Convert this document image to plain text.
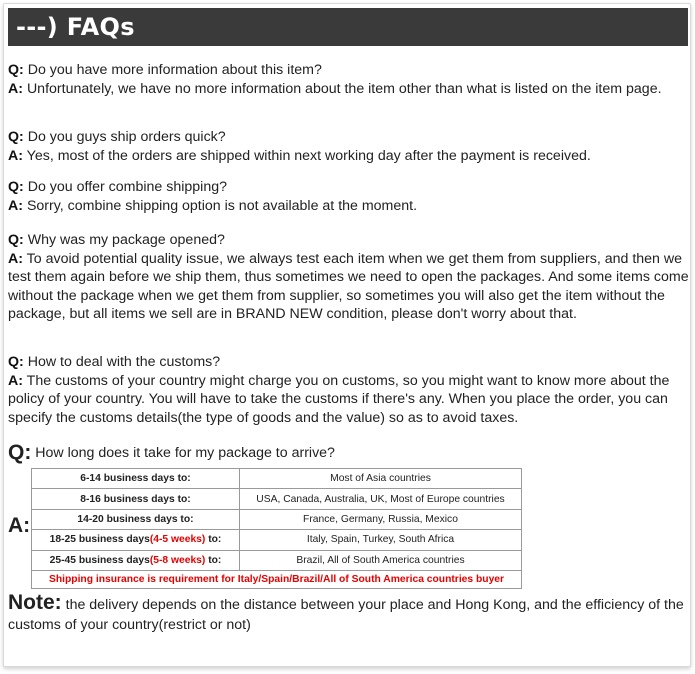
---) FAQs

Q: Do you have more information about this item?

A: Unfortunately, we have no more information about the item other than what is listed on the item page.

Q: Do you guys ship orders quick?

A: Yes, most of the orders are shipped within next working day after the payment is received.

Q: Do you offer combine shipping?

A: Sorry, combine shipping option is not available at the moment.

Q: Why was my package opened?

A: To avoid potential quality issue, we always test each item when we get them from suppliers, and then we test them again before we ship them, thus sometimes we need to open the packages. And some items come without the package when we get them from supplier, so sometimes you will also get the item without the package, but all items we sell are in BRAND NEW condition, please don't worry about that.

Q: How to deal with the customs?

A: The customs of your country might charge you on customs, so you might want to know more about the policy of your country. You will have to take the customs if there's any. When you place the order, you can specify the customs details(the type of goods and the value) so as to avoid taxes.

Q: How long does it take for my package to arrive?
A:
6-14 business days to:	Most of Asia countries
8-16 business days to:	USA, Canada, Australia, UK, Most of Europe countries
14-20 business days to:	France, Germany, Russia, Mexico
18-25 business days(4-5 weeks) to:	Italy, Spain, Turkey, South Africa
25-45 business days(5-8 weeks) to:	Brazil, All of South America countries
Shipping insurance is requirement for Italy/Spain/Brazil/All of South America countries buyer	
Note: the delivery depends on the distance between your place and Hong Kong, and the efficiency of the customs of your country(restrict or not)
